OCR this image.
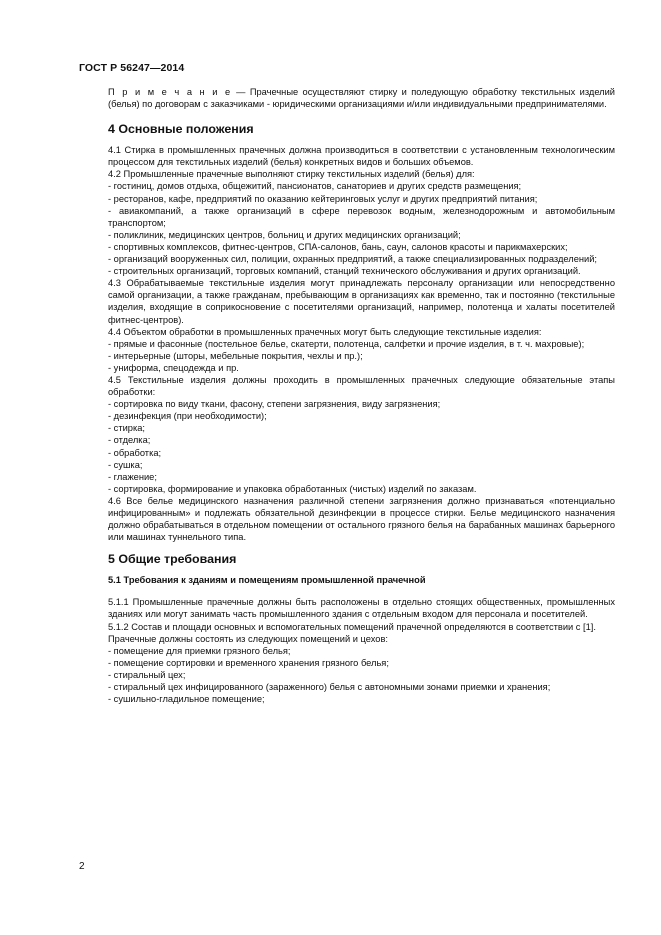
ГОСТ Р 56247—2014

П р и м е ч а н и е — Прачечные осуществляют стирку и поледующую обработку текстильных изделий (белья) по договорам с заказчиками - юридическими организациями и/или индивидуальными предпринимателями.

4 Основные положения

4.1 Стирка в промышленных прачечных должна производиться в соответствии с установленным технологическим процессом для текстильных изделий (белья) конкретных видов и больших объемов.

4.2 Промышленные прачечные выполняют стирку текстильных изделий (белья) для:

- гостиниц, домов отдыха, общежитий, пансионатов, санаториев и других средств размещения;

- ресторанов, кафе, предприятий по оказанию кейтеринговых услуг и других предприятий питания;

- авиакомпаний, а также организаций в сфере перевозок водным, железнодорожным и автомобильным транспортом;

- поликлиник, медицинских центров, больниц и других медицинских организаций;

- спортивных комплексов, фитнес-центров, СПА-салонов, бань, саун, салонов красоты и парикмахерских;

- организаций вооруженных сил, полиции, охранных предприятий, а также специализированных подразделений;

- строительных организаций, торговых компаний, станций технического обслуживания и других организаций.

4.3 Обрабатываемые текстильные изделия могут принадлежать персоналу организации или непосредственно самой организации, а также гражданам, пребывающим в организациях как временно, так и постоянно (текстильные изделия, входящие в соприкосновение с посетителями организаций, например, полотенца и халаты посетителей фитнес-центров).

4.4 Объектом обработки в промышленных прачечных могут быть следующие текстильные изделия:

- прямые и фасонные (постельное белье, скатерти, полотенца, салфетки и прочие изделия, в т. ч. махровые);

- интерьерные (шторы, мебельные покрытия, чехлы и пр.);

- униформа, спецодежда и пр.

4.5 Текстильные изделия должны проходить в промышленных прачечных следующие обязательные этапы обработки:

- сортировка по виду ткани, фасону, степени загрязнения, виду загрязнения;

- дезинфекция (при необходимости);

- стирка;

- отделка;

- обработка;

- сушка;

- глажение;

- сортировка, формирование и упаковка обработанных (чистых) изделий по заказам.

4.6 Все белье медицинского назначения различной степени загрязнения должно признаваться «потенциально инфицированным» и подлежать обязательной дезинфекции в процессе стирки. Белье медицинского назначения должно обрабатываться в отдельном помещении от остального грязного белья на барабанных машинах барьерного или машинах туннельного типа.

5 Общие требования
5.1 Требования к зданиям и помещениям промышленной прачечной

5.1.1 Промышленные прачечные должны быть расположены в отдельно стоящих общественных, промышленных зданиях или могут занимать часть промышленного здания с отдельным входом для персонала и посетителей.

5.1.2 Состав и площади основных и вспомогательных помещений прачечной определяются в соответствии с [1].

Прачечные должны состоять из следующих помещений и цехов:

- помещение для приемки грязного белья;

- помещение сортировки и временного хранения грязного белья;

- стиральный цех;

- стиральный цех инфицированного (зараженного) белья с автономными зонами приемки и хранения;

- сушильно-гладильное помещение;

2
